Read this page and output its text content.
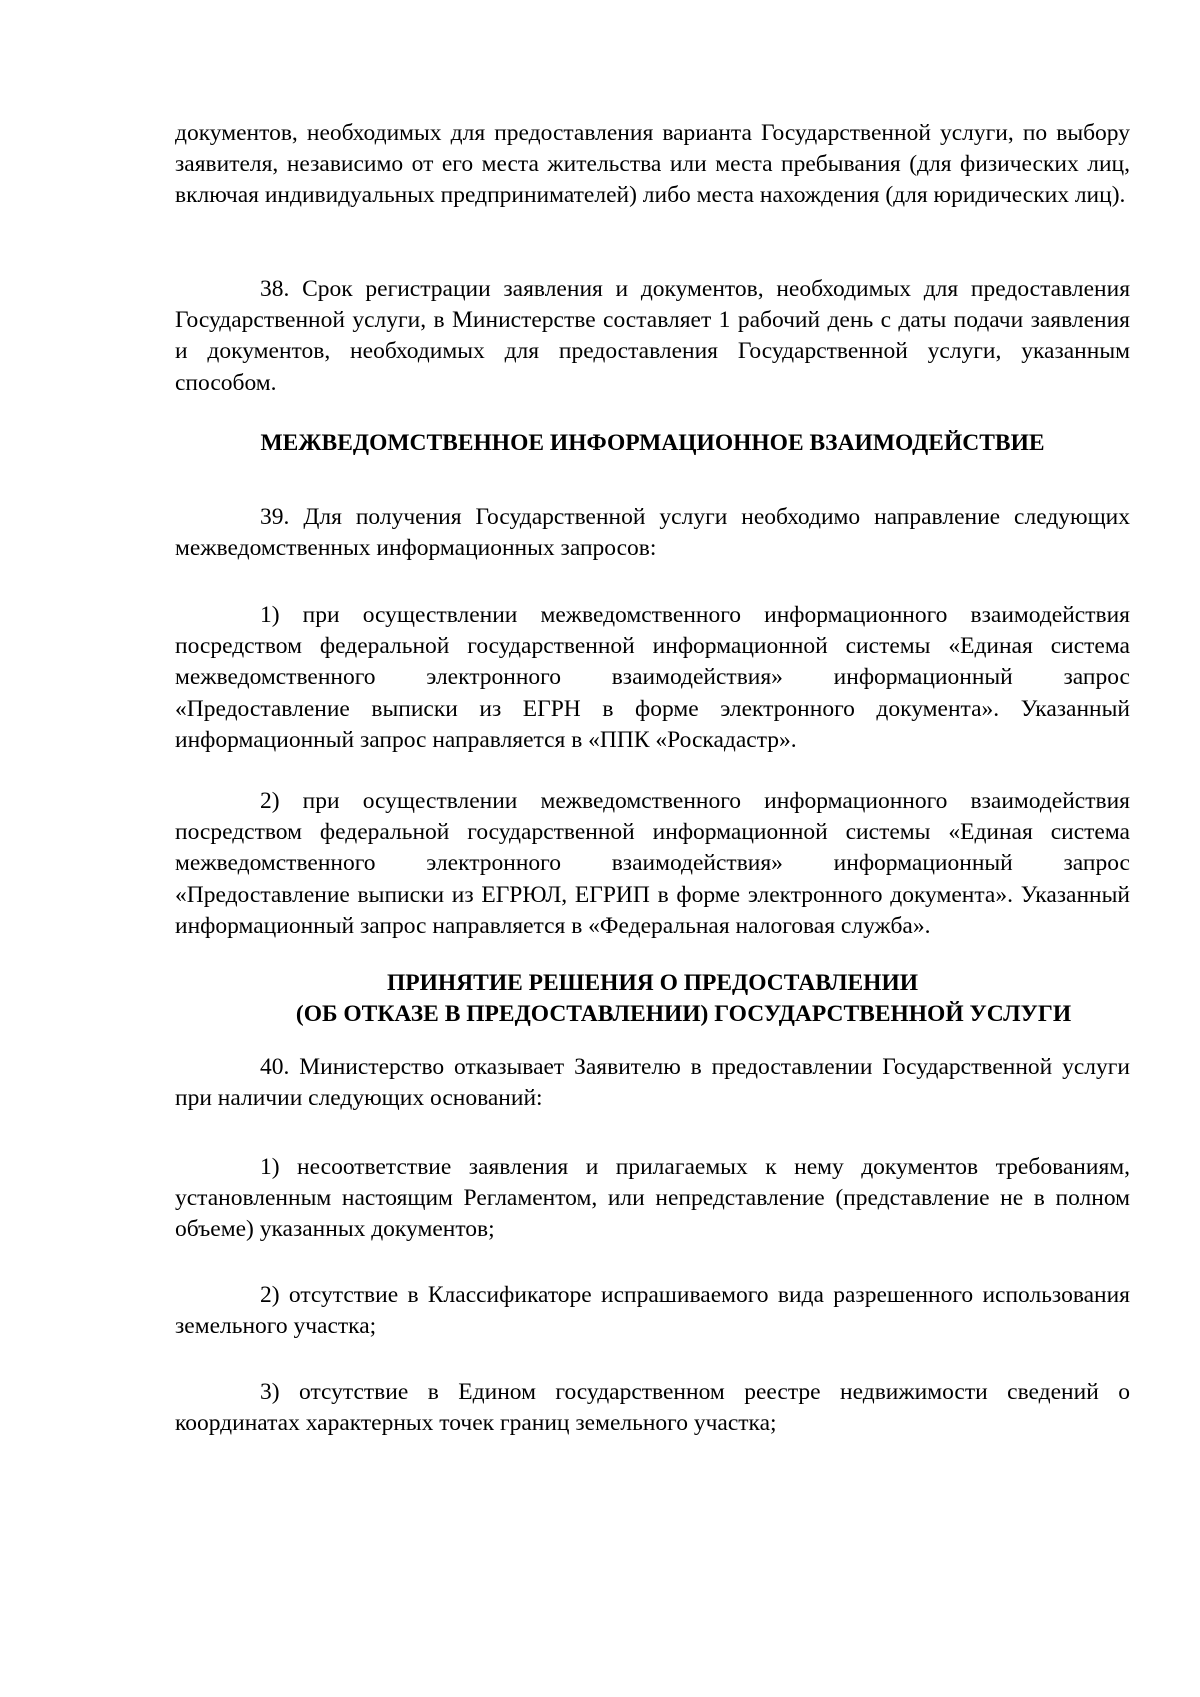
документов, необходимых для предоставления варианта Государственной услуги, по выбору заявителя, независимо от его места жительства или места пребывания (для физических лиц, включая индивидуальных предпринимателей) либо места нахождения (для юридических лиц).

38. Срок регистрации заявления и документов, необходимых для предоставления Государственной услуги, в Министерстве составляет 1 рабочий день с даты подачи заявления и документов, необходимых для предоставления Государственной услуги, указанным способом.

МЕЖВЕДОМСТВЕННОЕ ИНФОРМАЦИОННОЕ ВЗАИМОДЕЙСТВИЕ

39. Для получения Государственной услуги необходимо направление следующих межведомственных информационных запросов:

1) при осуществлении межведомственного информационного взаимодействия посредством федеральной государственной информационной системы «Единая система межведомственного электронного взаимодействия» информационный запрос «Предоставление выписки из ЕГРН в форме электронного документа». Указанный информационный запрос направляется в «ППК «Роскадастр».

2) при осуществлении межведомственного информационного взаимодействия посредством федеральной государственной информационной системы «Единая система межведомственного электронного взаимодействия» информационный запрос «Предоставление выписки из ЕГРЮЛ, ЕГРИП в форме электронного документа». Указанный информационный запрос направляется в «Федеральная налоговая служба».

ПРИНЯТИЕ РЕШЕНИЯ О ПРЕДОСТАВЛЕНИИ
(ОБ ОТКАЗЕ В ПРЕДОСТАВЛЕНИИ) ГОСУДАРСТВЕННОЙ УСЛУГИ

40. Министерство отказывает Заявителю в предоставлении Государственной услуги при наличии следующих оснований:

1) несоответствие заявления и прилагаемых к нему документов требованиям, установленным настоящим Регламентом, или непредставление (представление не в полном объеме) указанных документов;

2) отсутствие в Классификаторе испрашиваемого вида разрешенного использования земельного участка;

3) отсутствие в Едином государственном реестре недвижимости сведений о координатах характерных точек границ земельного участка;
